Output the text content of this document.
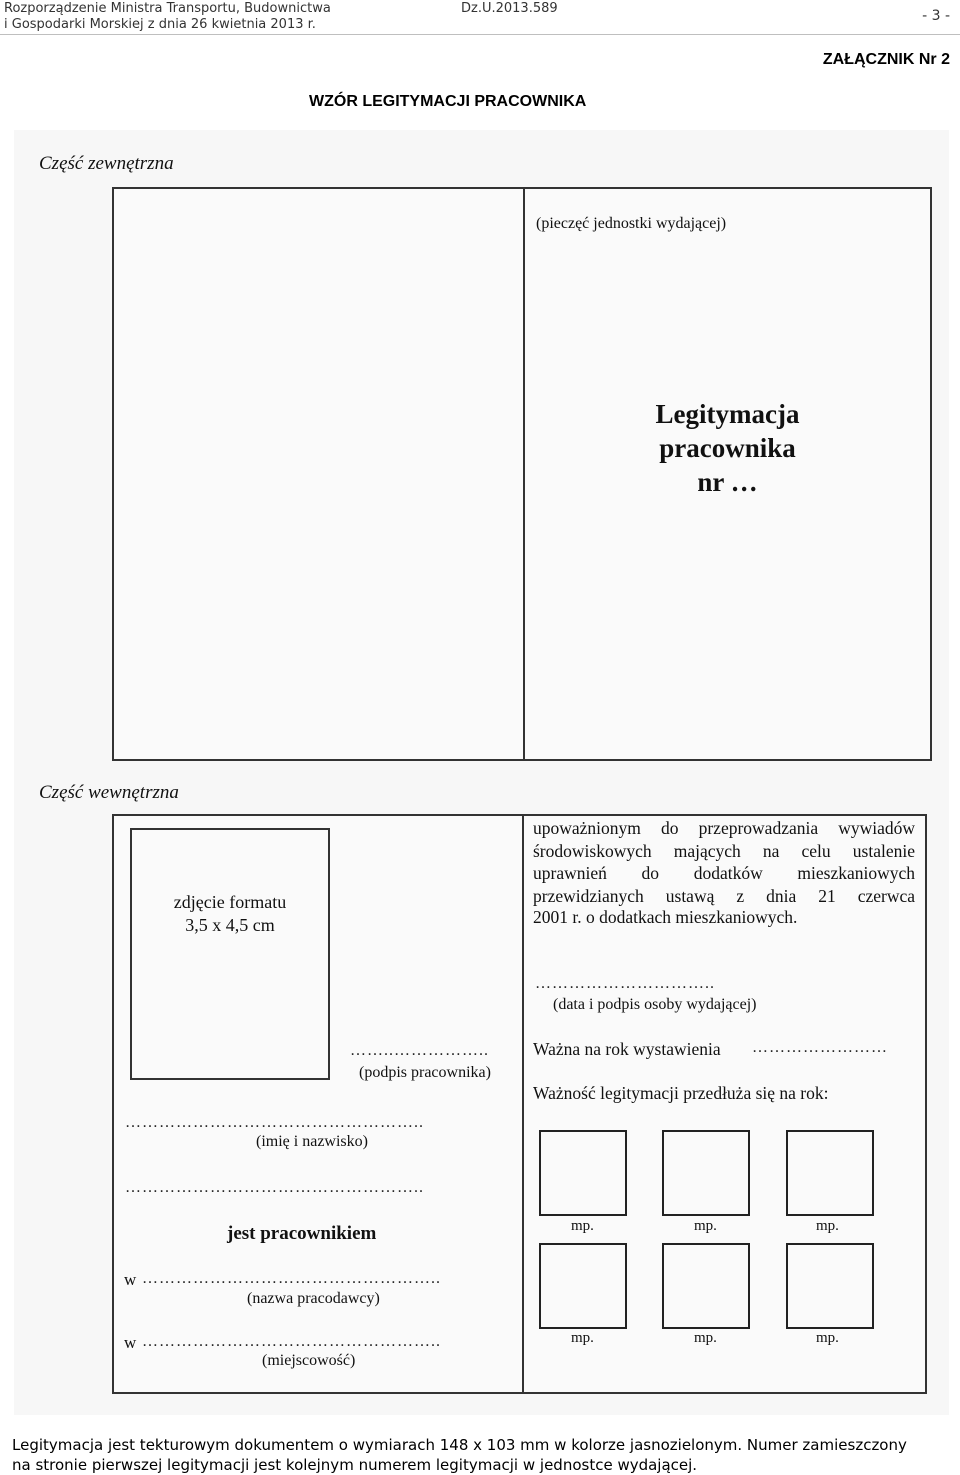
Rozporządzenie Ministra Transportu, Budownictwa
i Gospodarki Morskiej z dnia 26 kwietnia 2013 r.
Dz.U.2013.589	- 3 -
ZAŁĄCZNIK Nr 2
WZÓR LEGITYMACJI PRACOWNIKA
Część zewnętrzna
(pieczęć jednostki wydającej)
Legitymacja
pracownika
nr …
Część wewnętrzna
zdjęcie formatu
3,5 x 4,5 cm
……..……………..
(podpis pracownika)
……………………………………………..
(imię i nazwisko)
……………………………………………..
jest pracownikiem
w ……………………………………………..
(nazwa pracodawcy)
w ……………………………………………..
(miejscowość)
upoważnionym do przeprowadzania wywiadów
środowiskowych mających na celu ustalenie
uprawnień do dodatków mieszkaniowych
przewidzianych ustawą z dnia 21 czerwca
2001 r. o dodatkach mieszkaniowych.
…………………………..
(data i podpis osoby wydającej)
Ważna na rok wystawienia ……………………
Ważność legitymacji przedłuża się na rok:
mp.	mp.	mp.
mp.	mp.	mp.
Legitymacja jest tekturowym dokumentem o wymiarach 148 x 103 mm w kolorze jasnozielonym. Numer zamieszczony
na stronie pierwszej legitymacji jest kolejnym numerem legitymacji w jednostce wydającej.
